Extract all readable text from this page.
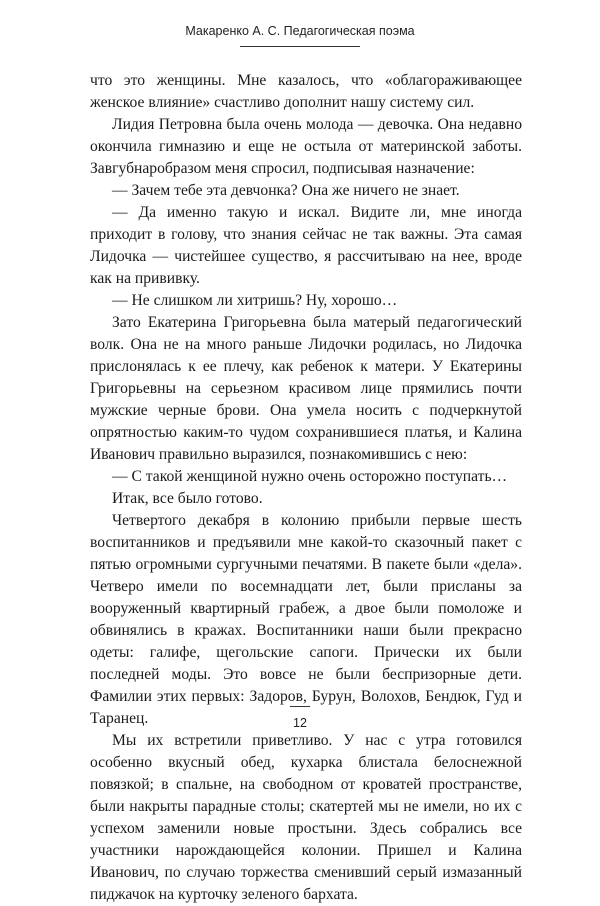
Макаренко А. С. Педагогическая поэма

что это женщины. Мне казалось, что «облагораживающее женское влияние» счастливо дополнит нашу систему сил.

Лидия Петровна была очень молода — девочка. Она недавно окончила гимназию и еще не остыла от материнской заботы. Завгубнаробразом меня спросил, подписывая назначение:

— Зачем тебе эта девчонка? Она же ничего не знает.

— Да именно такую и искал. Видите ли, мне иногда приходит в голову, что знания сейчас не так важны. Эта самая Лидочка — чистейшее существо, я рассчитываю на нее, вроде как на прививку.

— Не слишком ли хитришь? Ну, хорошо…

Зато Екатерина Григорьевна была матерый педагогический волк. Она не на много раньше Лидочки родилась, но Лидочка прислонялась к ее плечу, как ребенок к матери. У Екатерины Григорьевны на серьезном красивом лице прямились почти мужские черные брови. Она умела носить с подчеркнутой опрятностью каким-то чудом сохранившиеся платья, и Калина Иванович правильно выразился, познакомившись с нею:

— С такой женщиной нужно очень осторожно поступать…

Итак, все было готово.

Четвертого декабря в колонию прибыли первые шесть воспитанников и предъявили мне какой-то сказочный пакет с пятью огромными сургучными печатями. В пакете были «дела». Четверо имели по восемнадцати лет, были присланы за вооруженный квартирный грабеж, а двое были помоложе и обвинялись в кражах. Воспитанники наши были прекрасно одеты: галифе, щегольские сапоги. Прически их были последней моды. Это вовсе не были беспризорные дети. Фамилии этих первых: Задоров, Бурун, Волохов, Бендюк, Гуд и Таранец.

Мы их встретили приветливо. У нас с утра готовился особенно вкусный обед, кухарка блистала белоснежной повязкой; в спальне, на свободном от кроватей пространстве, были накрыты парадные столы; скатертей мы не имели, но их с успехом заменили новые простыни. Здесь собрались все участники нарождающейся колонии. Пришел и Калина Иванович, по случаю торжества сменивший серый измазанный пиджачок на курточку зеленого бархата.

12
